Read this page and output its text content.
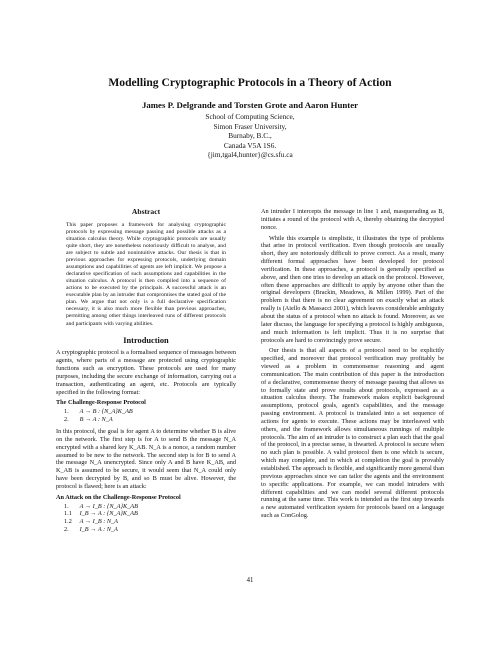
Modelling Cryptographic Protocols in a Theory of Action
James P. Delgrande and Torsten Grote and Aaron Hunter
School of Computing Science,
Simon Fraser University,
Burnaby, B.C.,
Canada V5A 1S6.
{jim,tgal4,hunter}@cs.sfu.ca
Abstract
This paper proposes a framework for analysing cryptographic protocols by expressing message passing and possible attacks as a situation calculus theory. While cryptographic protocols are usually quite short, they are nonetheless notoriously difficult to analyse, and are subject to subtle and nonintuitive attacks. Our thesis is that in previous approaches for expressing protocols, underlying domain assumptions and capabilities of agents are left implicit. We propose a declarative specification of such assumptions and capabilities in the situation calculus. A protocol is then compiled into a sequence of actions to be executed by the principals. A successful attack is an executable plan by an intruder that compromises the stated goal of the plan. We argue that not only is a full declarative specification necessary, it is also much more flexible than previous approaches, permitting among other things interleaved runs of different protocols and participants with varying abilities.
Introduction
A cryptographic protocol is a formalised sequence of messages between agents, where parts of a message are protected using cryptographic functions such as encryption. These protocols are used for many purposes, including the secure exchange of information, carrying out a transaction, authenticating an agent, etc. Protocols are typically specified in the following format:
The Challenge-Response Protocol
1. A → B : {N_A}K_AB
2. B → A : N_A
In this protocol, the goal is for agent A to determine whether B is alive on the network. The first step is for A to send B the message N_A encrypted with a shared key K_AB. N_A is a nonce, a random number assumed to be new to the network. The second step is for B to send A the message N_A unencrypted. Since only A and B have K_AB, and K_AB is assumed to be secure, it would seem that N_A could only have been decrypted by B, and so B must be alive. However, the protocol is flawed; here is an attack:
An Attack on the Challenge-Response Protocol
1. A → I_B : {N_A}K_AB
1.1 I_B → A : {N_A}K_AB
1.2 A → I_B : N_A
2. I_B → A : N_A
An intruder I intercepts the message in line 1 and, masquerading as B, initiates a round of the protocol with A, thereby obtaining the decrypted nonce.
While this example is simplistic, it illustrates the type of problems that arise in protocol verification. Even though protocols are usually short, they are notoriously difficult to prove correct. As a result, many different formal approaches have been developed for protocol verification. In these approaches, a protocol is generally specified as above, and then one tries to develop an attack on the protocol. However, often these approaches are difficult to apply by anyone other than the original developers (Brackin, Meadows, & Millen 1999). Part of the problem is that there is no clear agreement on exactly what an attack really is (Aiello & Massacci 2001), which leaves considerable ambiguity about the status of a protocol when no attack is found. Moreover, as we later discuss, the language for specifying a protocol is highly ambiguous, and much information is left implicit. Thus it is no surprise that protocols are hard to convincingly prove secure.
Our thesis is that all aspects of a protocol need to be explicitly specified, and moreover that protocol verification may profitably be viewed as a problem in commonsense reasoning and agent communication. The main contribution of this paper is the introduction of a declarative, commonsense theory of message passing that allows us to formally state and prove results about protocols, expressed as a situation calculus theory. The framework makes explicit background assumptions, protocol goals, agent's capabilities, and the message passing environment. A protocol is translated into a set sequence of actions for agents to execute. These actions may be interleaved with others, and the framework allows simultaneous runnings of multiple protocols. The aim of an intruder is to construct a plan such that the goal of the protocol, in a precise sense, is thwarted. A protocol is secure when no such plan is possible. A valid protocol then is one which is secure, which may complete, and in which at completion the goal is provably established. The approach is flexible, and significantly more general than previous approaches since we can tailor the agents and the environment to specific applications. For example, we can model intruders with different capabilities and we can model several different protocols running at the same time. This work is intended as the first step towards a new automated verification system for protocols based on a language such as ConGolog.
41
